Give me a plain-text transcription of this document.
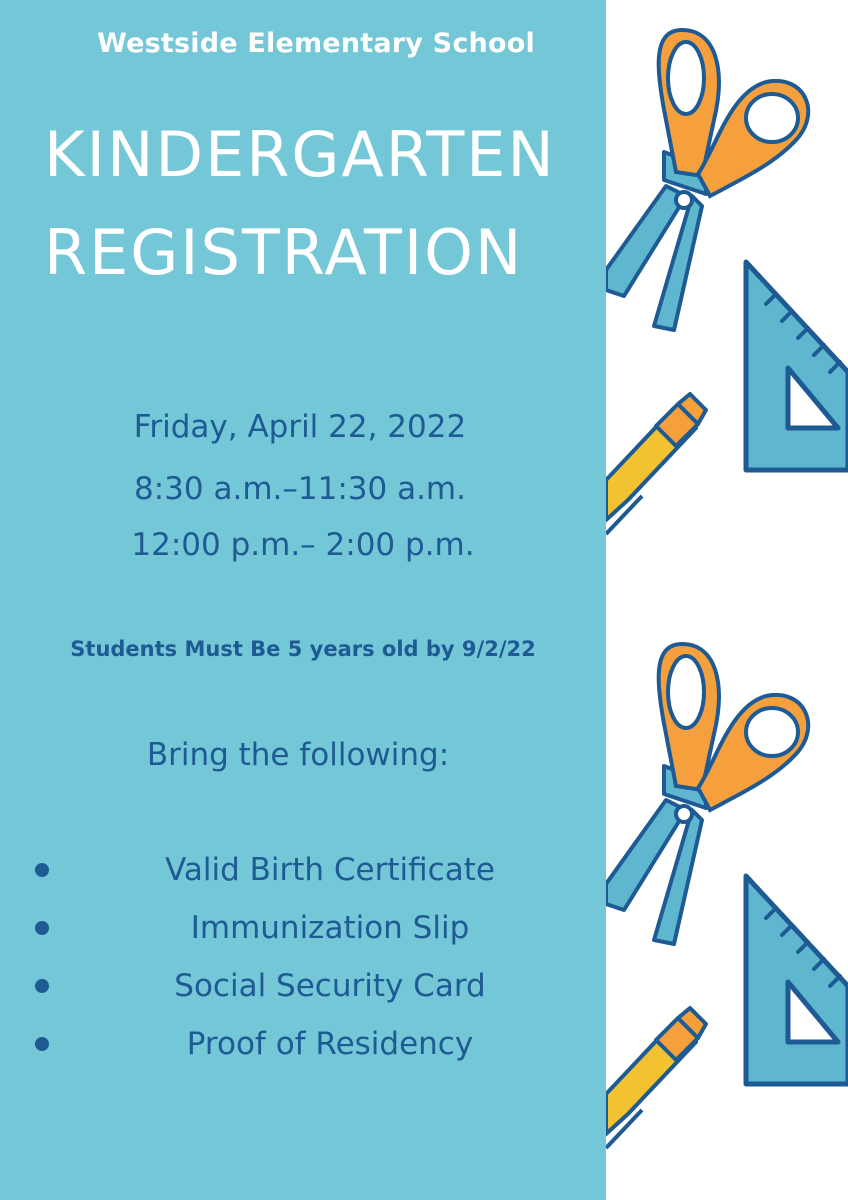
Westside Elementary School
KINDERGARTEN
REGISTRATION
Friday, April 22, 2022
8:30 a.m.–11:30 a.m.
12:00 p.m.– 2:00 p.m.
Students Must Be 5 years old by 9/2/22
Bring the following:
Valid Birth Certificate
Immunization Slip
Social Security Card
Proof of Residency
